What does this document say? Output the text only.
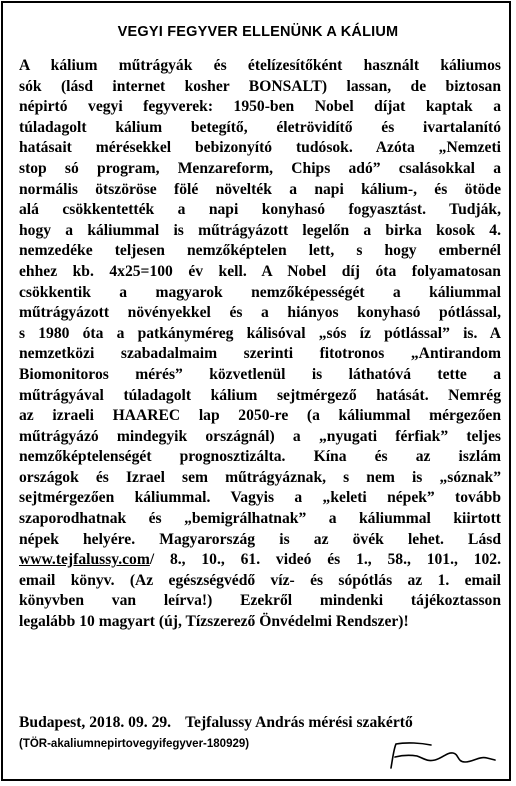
VEGYI FEGYVER ELLENÜNK A KÁLIUM
A kálium műtrágyák és ételízesítőként használt káliumos
sók (lásd internet kosher BONSALT) lassan, de biztosan
népirtó vegyi fegyverek: 1950-ben Nobel díjat kaptak a
túladagolt kálium betegítő, életrövidítő és ivartalanító
hatásait mérésekkel bebizonyító tudósok. Azóta „Nemzeti
stop só program, Menzareform, Chips adó” csalásokkal a
normális ötszöröse fölé növelték a napi kálium-, és ötöde
alá csökkentették a napi konyhasó fogyasztást. Tudják,
hogy a káliummal is műtrágyázott legelőn a birka kosok 4.
nemzedéke teljesen nemzőképtelen lett, s hogy embernél
ehhez kb. 4x25=100 év kell. A Nobel díj óta folyamatosan
csökkentik a magyarok nemzőképességét a káliummal
műtrágyázott növényekkel és a hiányos konyhasó pótlással,
s 1980 óta a patkányméreg kálisóval „sós íz pótlással” is. A
nemzetközi szabadalmaim szerinti fitotronos „Antirandom
Biomonitoros mérés” közvetlenül is láthatóvá tette a
műtrágyával túladagolt kálium sejtmérgező hatását. Nemrég
az izraeli HAAREC lap 2050-re (a káliummal mérgezően
műtrágyázó mindegyik országnál) a „nyugati férfiak” teljes
nemzőképtelenségét prognosztizálta. Kína és az iszlám
országok és Izrael sem műtrágyáznak, s nem is „sóznak”
sejtmérgezően káliummal. Vagyis a „keleti népek” tovább
szaporodhatnak és „bemigrálhatnak” a káliummal kiirtott
népek helyére. Magyarország is az övék lehet. Lásd
www.tejfalussy.com/ 8., 10., 61. videó és 1., 58., 101., 102.
email könyv. (Az egészségvédő víz- és sópótlás az 1. email
könyvben van leírva!) Ezekről mindenki tájékoztasson
legalább 10 magyart (új, Tízszerező Önvédelmi Rendszer)!
Budapest, 2018. 09. 29. Tejfalussy András mérési szakértő
(TÖR-akaliumnepirtovegyifegyver-180929)
